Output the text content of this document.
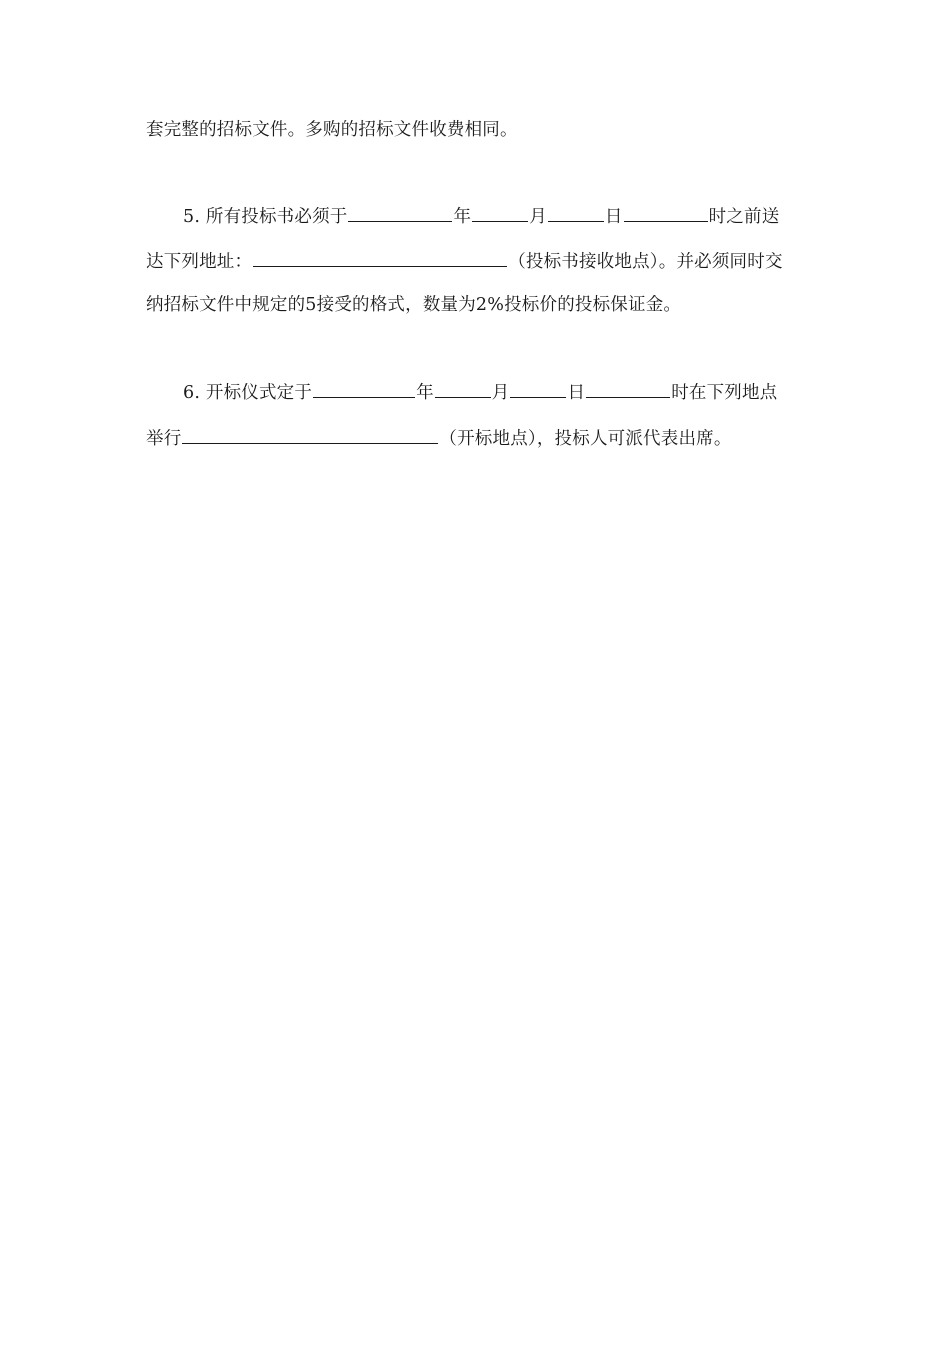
套完整的招标文件。多购的招标文件收费相同。
5. 所有投标书必须于	年	月	日	时之前送
达下列地址：	（投标书接收地点）。并必须同时交
纳招标文件中规定的5接受的格式，数量为2%投标价的投标保证金。
6. 开标仪式定于	年	月	日	时在下列地点
举行	（开标地点），投标人可派代表出席。
